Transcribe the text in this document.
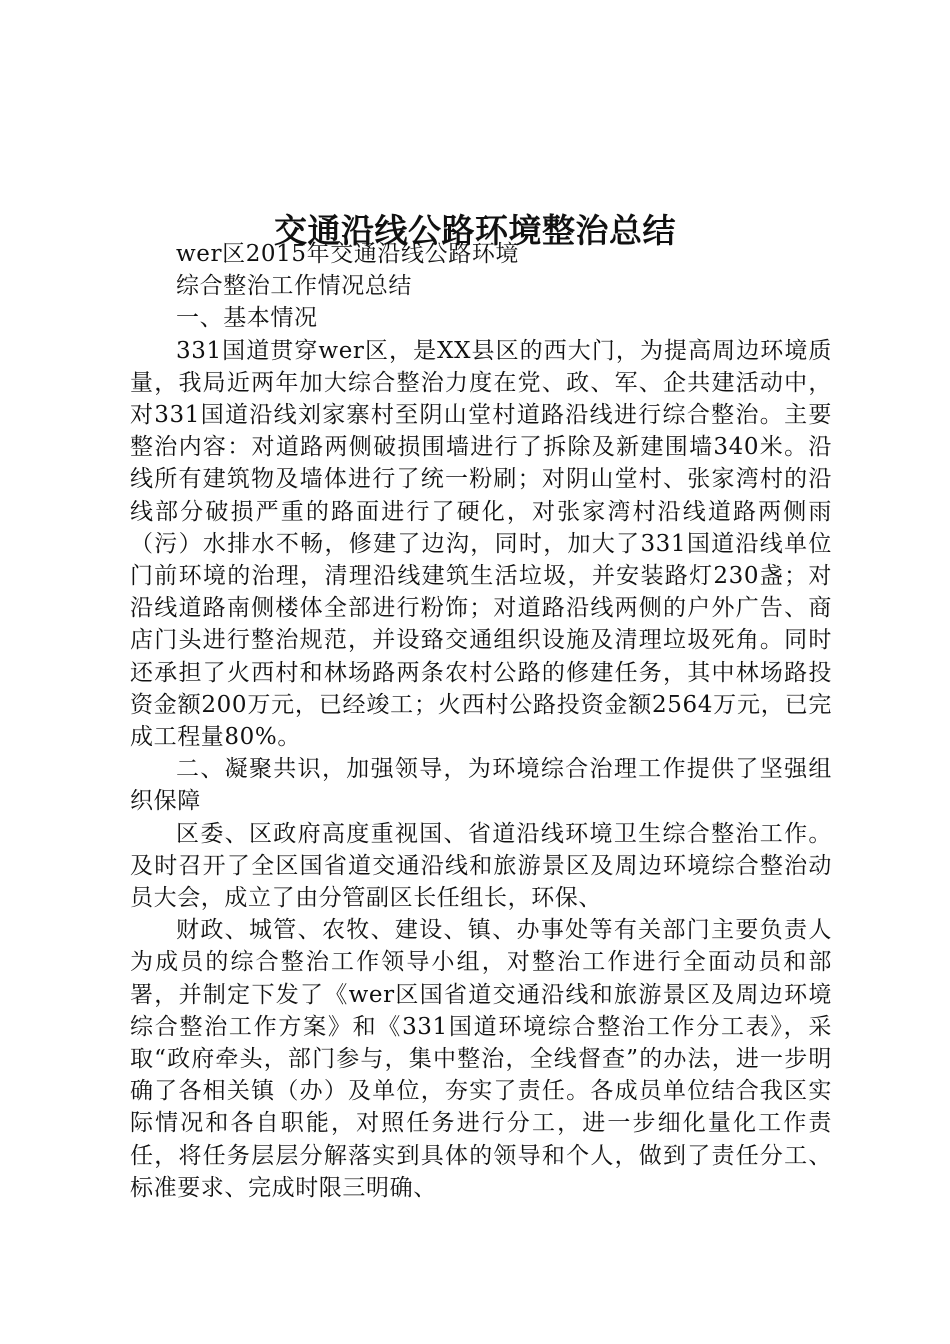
交通沿线公路环境整治总结

wer区2015年交通沿线公路环境

综合整治工作情况总结

一、基本情况

331国道贯穿wer区，是XX县区的西大门，为提高周边环境质量，我局近两年加大综合整治力度在党、政、军、企共建活动中，对331国道沿线刘家寨村至阴山堂村道路沿线进行综合整治。主要整治内容：对道路两侧破损围墙进行了拆除及新建围墙340米。沿线所有建筑物及墙体进行了统一粉刷；对阴山堂村、张家湾村的沿线部分破损严重的路面进行了硬化，对张家湾村沿线道路两侧雨（污）水排水不畅，修建了边沟，同时，加大了331国道沿线单位门前环境的治理，清理沿线建筑生活垃圾，并安装路灯230盏；对沿线道路南侧楼体全部进行粉饰；对道路沿线两侧的户外广告、商店门头进行整治规范，并设臵交通组织设施及清理垃圾死角。同时还承担了火西村和林场路两条农村公路的修建任务，其中林场路投资金额200万元，已经竣工；火西村公路投资金额2564万元，已完成工程量80%。

二、凝聚共识，加强领导，为环境综合治理工作提供了坚强组织保障

区委、区政府高度重视国、省道沿线环境卫生综合整治工作。及时召开了全区国省道交通沿线和旅游景区及周边环境综合整治动员大会，成立了由分管副区长任组长，环保、

财政、城管、农牧、建设、镇、办事处等有关部门主要负责人为成员的综合整治工作领导小组，对整治工作进行全面动员和部署，并制定下发了《wer区国省道交通沿线和旅游景区及周边环境综合整治工作方案》和《331国道环境综合整治工作分工表》，采取“政府牵头，部门参与，集中整治，全线督查”的办法，进一步明确了各相关镇（办）及单位，夯实了责任。各成员单位结合我区实际情况和各自职能，对照任务进行分工，进一步细化量化工作责任，将任务层层分解落实到具体的领导和个人，做到了责任分工、标准要求、完成时限三明确、
